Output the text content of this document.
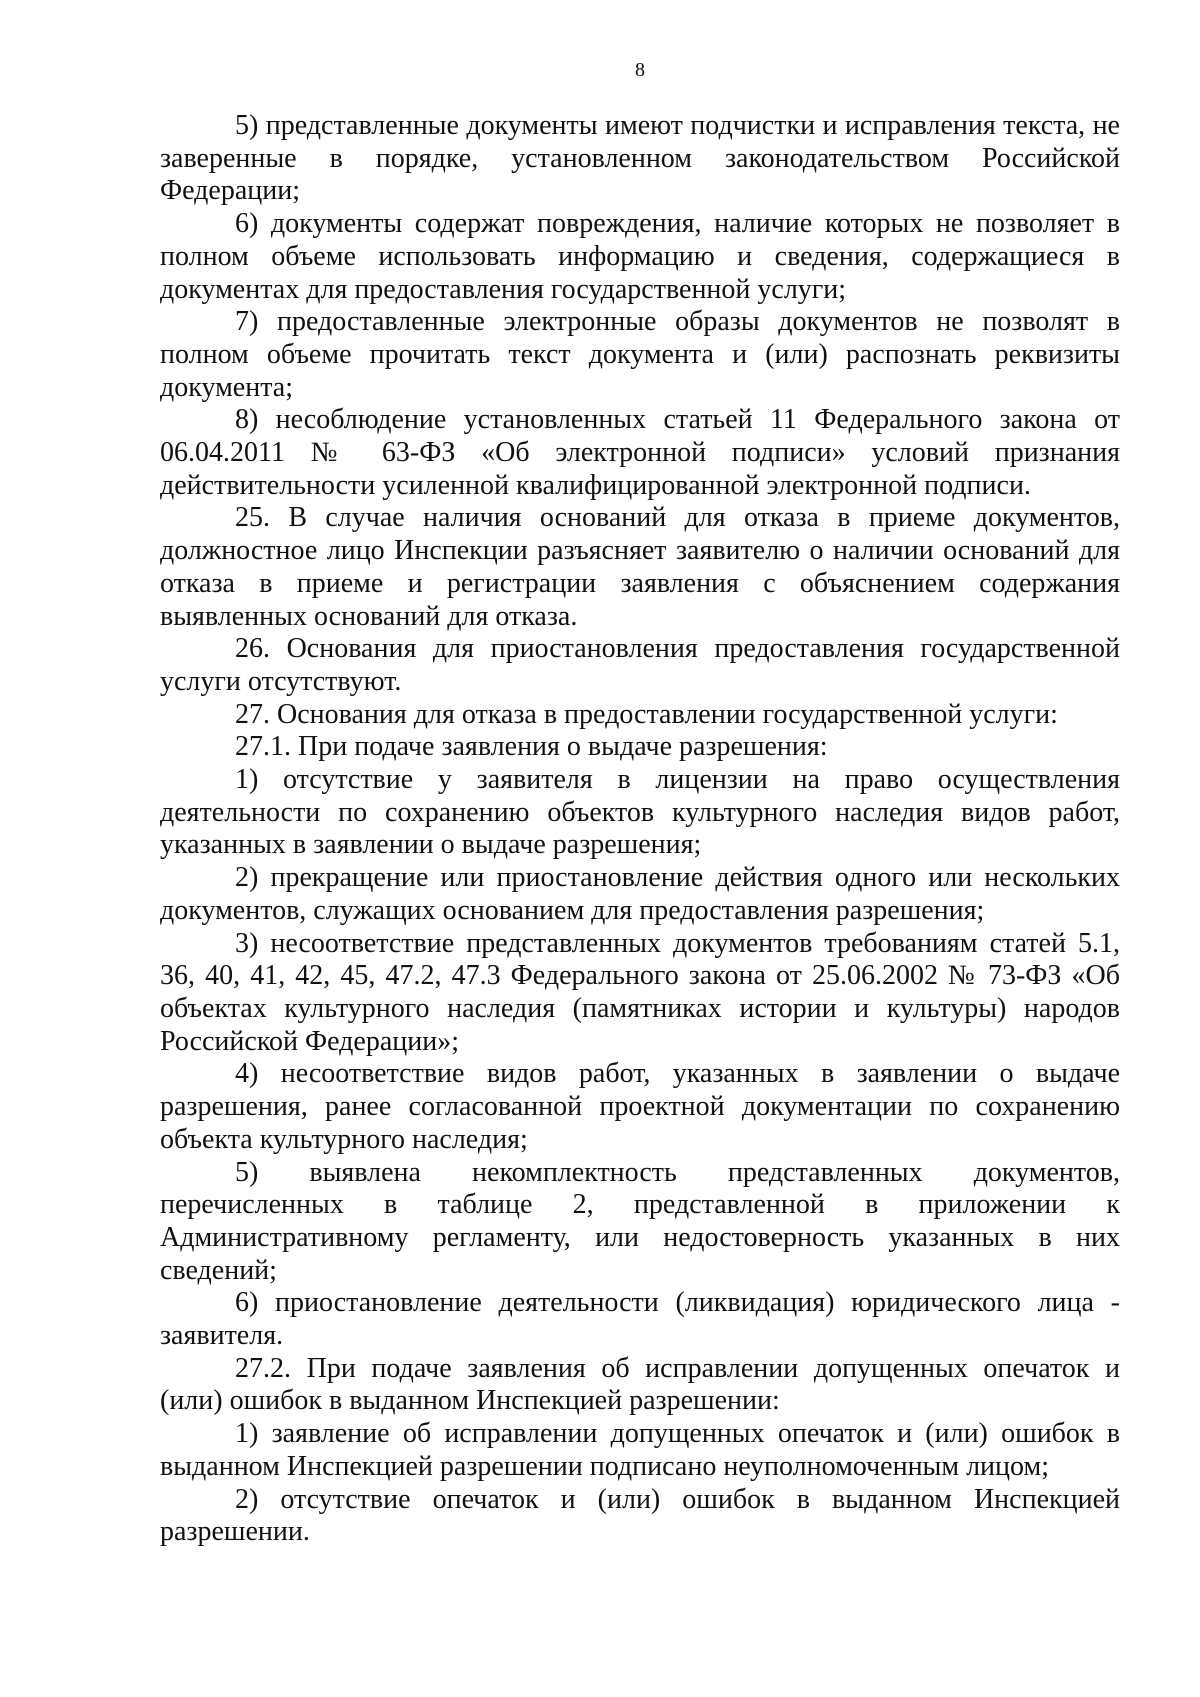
8

5) представленные документы имеют подчистки и исправления текста, не заверенные в порядке, установленном законодательством Российской Федерации;

6) документы содержат повреждения, наличие которых не позволяет в полном объеме использовать информацию и сведения, содержащиеся в документах для предоставления государственной услуги;

7) предоставленные электронные образы документов не позволят в полном объеме прочитать текст документа и (или) распознать реквизиты документа;

8) несоблюдение установленных статьей 11 Федерального закона от 06.04.2011 № 63-ФЗ «Об электронной подписи» условий признания действительности усиленной квалифицированной электронной подписи.

25. В случае наличия оснований для отказа в приеме документов, должностное лицо Инспекции разъясняет заявителю о наличии оснований для отказа в приеме и регистрации заявления с объяснением содержания выявленных оснований для отказа.

26. Основания для приостановления предоставления государственной услуги отсутствуют.

27. Основания для отказа в предоставлении государственной услуги:

27.1. При подаче заявления о выдаче разрешения:

1) отсутствие у заявителя в лицензии на право осуществления деятельности по сохранению объектов культурного наследия видов работ, указанных в заявлении о выдаче разрешения;

2) прекращение или приостановление действия одного или нескольких документов, служащих основанием для предоставления разрешения;

3) несоответствие представленных документов требованиям статей 5.1, 36, 40, 41, 42, 45, 47.2, 47.3 Федерального закона от 25.06.2002 № 73-ФЗ «Об объектах культурного наследия (памятниках истории и культуры) народов Российской Федерации»;

4) несоответствие видов работ, указанных в заявлении о выдаче разрешения, ранее согласованной проектной документации по сохранению объекта культурного наследия;

5) выявлена некомплектность представленных документов, перечисленных в таблице 2, представленной в приложении к Административному регламенту, или недостоверность указанных в них сведений;

6) приостановление деятельности (ликвидация) юридического лица - заявителя.

27.2. При подаче заявления об исправлении допущенных опечаток и (или) ошибок в выданном Инспекцией разрешении:

1) заявление об исправлении допущенных опечаток и (или) ошибок в выданном Инспекцией разрешении подписано неуполномоченным лицом;

2) отсутствие опечаток и (или) ошибок в выданном Инспекцией разрешении.
